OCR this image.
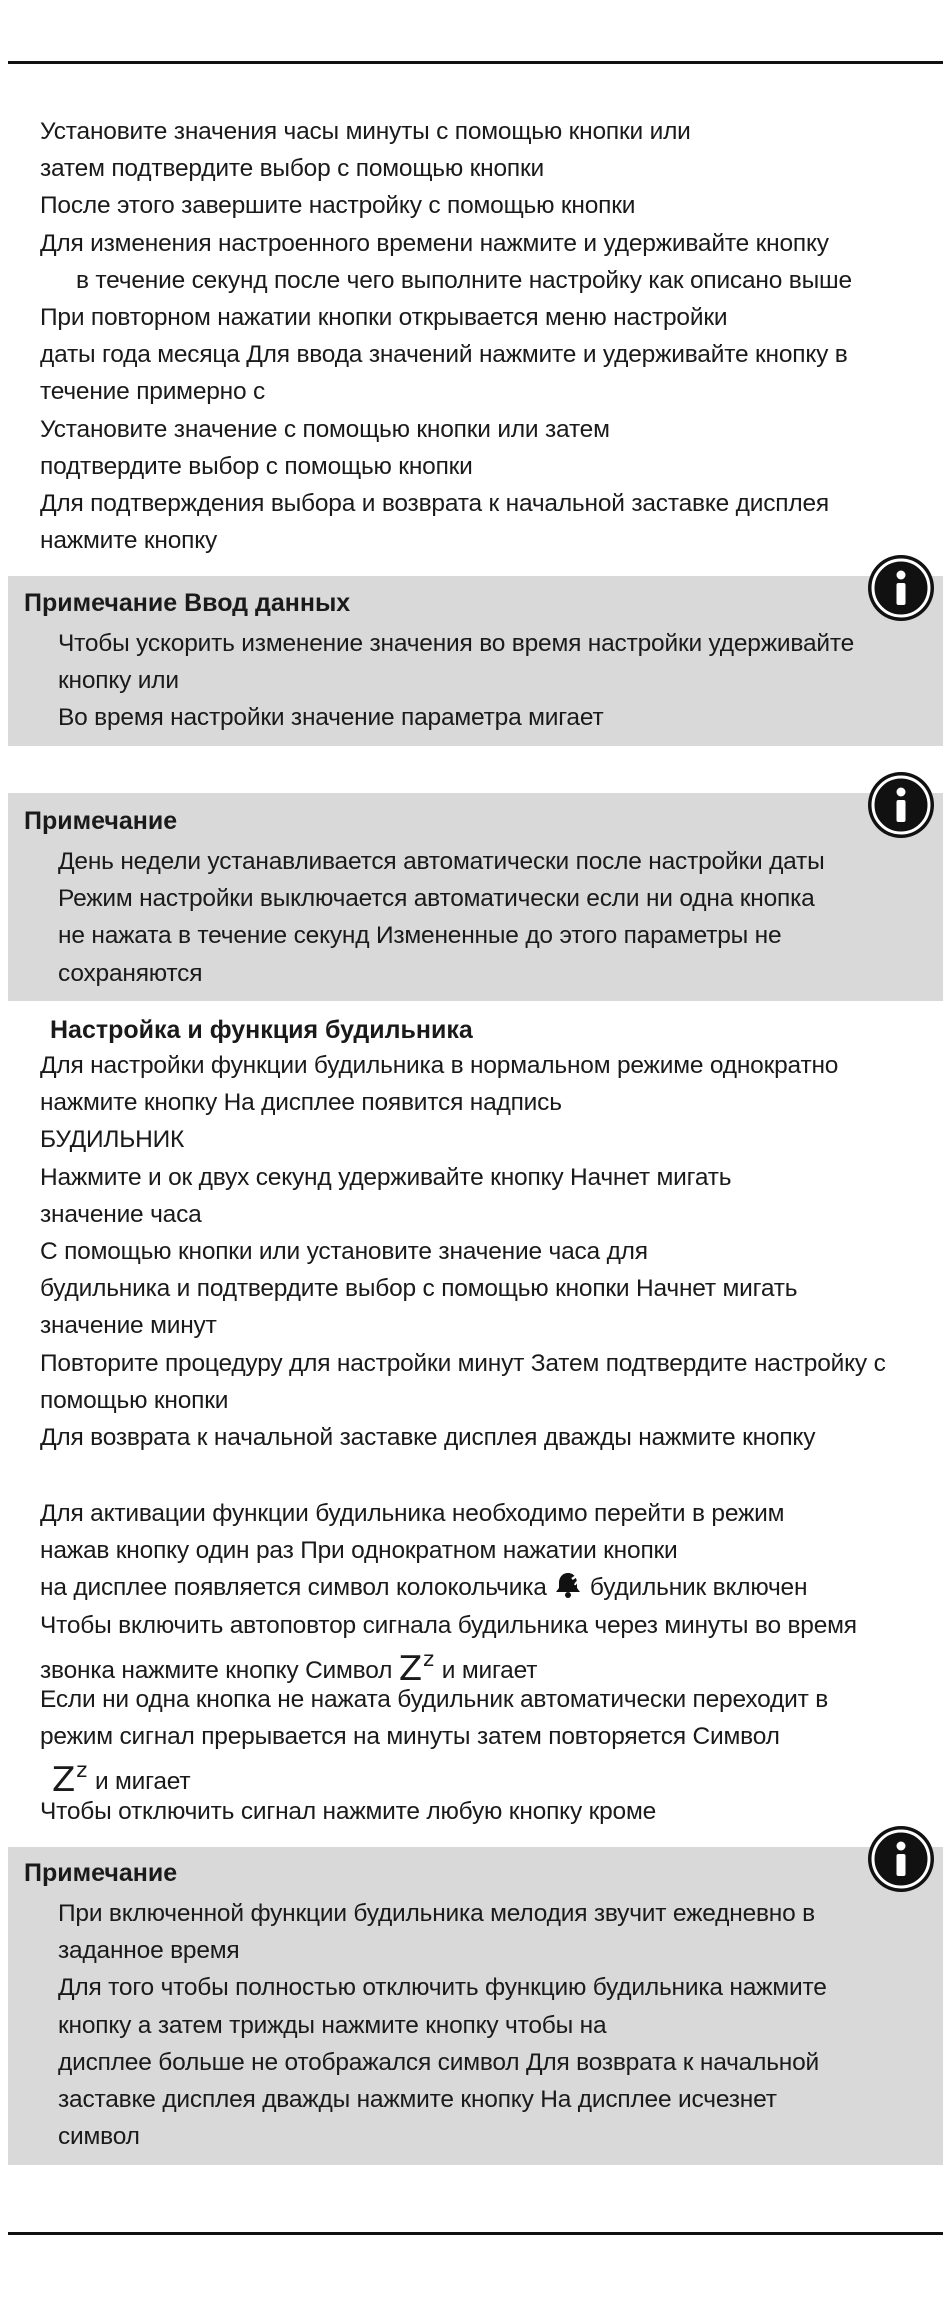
Установите значения часы минуты с помощью кнопки или
затем подтвердите выбор с помощью кнопки
После этого завершите настройку с помощью кнопки
Для изменения настроенного времени нажмите и удерживайте кнопку
в течение секунд после чего выполните настройку как описано выше
При повторном нажатии кнопки открывается меню настройки
даты года месяца Для ввода значений нажмите и удерживайте кнопку в
течение примерно с
Установите значение с помощью кнопки или затем
подтвердите выбор с помощью кнопки
Для подтверждения выбора и возврата к начальной заставке дисплея
нажмите кнопку
Примечание Ввод данных
Чтобы ускорить изменение значения во время настройки удерживайте
кнопку или
Во время настройки значение параметра мигает
Примечание
День недели устанавливается автоматически после настройки даты
Режим настройки выключается автоматически если ни одна кнопка
не нажата в течение секунд Измененные до этого параметры не
сохраняются
Настройка и функция будильника
Для настройки функции будильника в нормальном режиме однократно
нажмите кнопку На дисплее появится надпись
БУДИЛЬНИК
Нажмите и ок двух секунд удерживайте кнопку Начнет мигать
значение часа
С помощью кнопки или установите значение часа для
будильника и подтвердите выбор с помощью кнопки Начнет мигать
значение минут
Повторите процедуру для настройки минут Затем подтвердите настройку с
помощью кнопки
Для возврата к начальной заставке дисплея дважды нажмите кнопку
Для активации функции будильника необходимо перейти в режим
нажав кнопку один раз При однократном нажатии кнопки
на дисплее появляется символ колокольчика  будильник включен
Чтобы включить автоповтор сигнала будильника через минуты во время
звонка нажмите кнопку Символ $Z^z$ и мигает
Если ни одна кнопка не нажата будильник автоматически переходит в
режим сигнал прерывается на минуты затем повторяется Символ
$Z^z$ и мигает
Чтобы отключить сигнал нажмите любую кнопку кроме
Примечание
При включенной функции будильника мелодия звучит ежедневно в
заданное время
Для того чтобы полностью отключить функцию будильника нажмите
кнопку а затем трижды нажмите кнопку чтобы на
дисплее больше не отображался символ Для возврата к начальной
заставке дисплея дважды нажмите кнопку На дисплее исчезнет
символ
